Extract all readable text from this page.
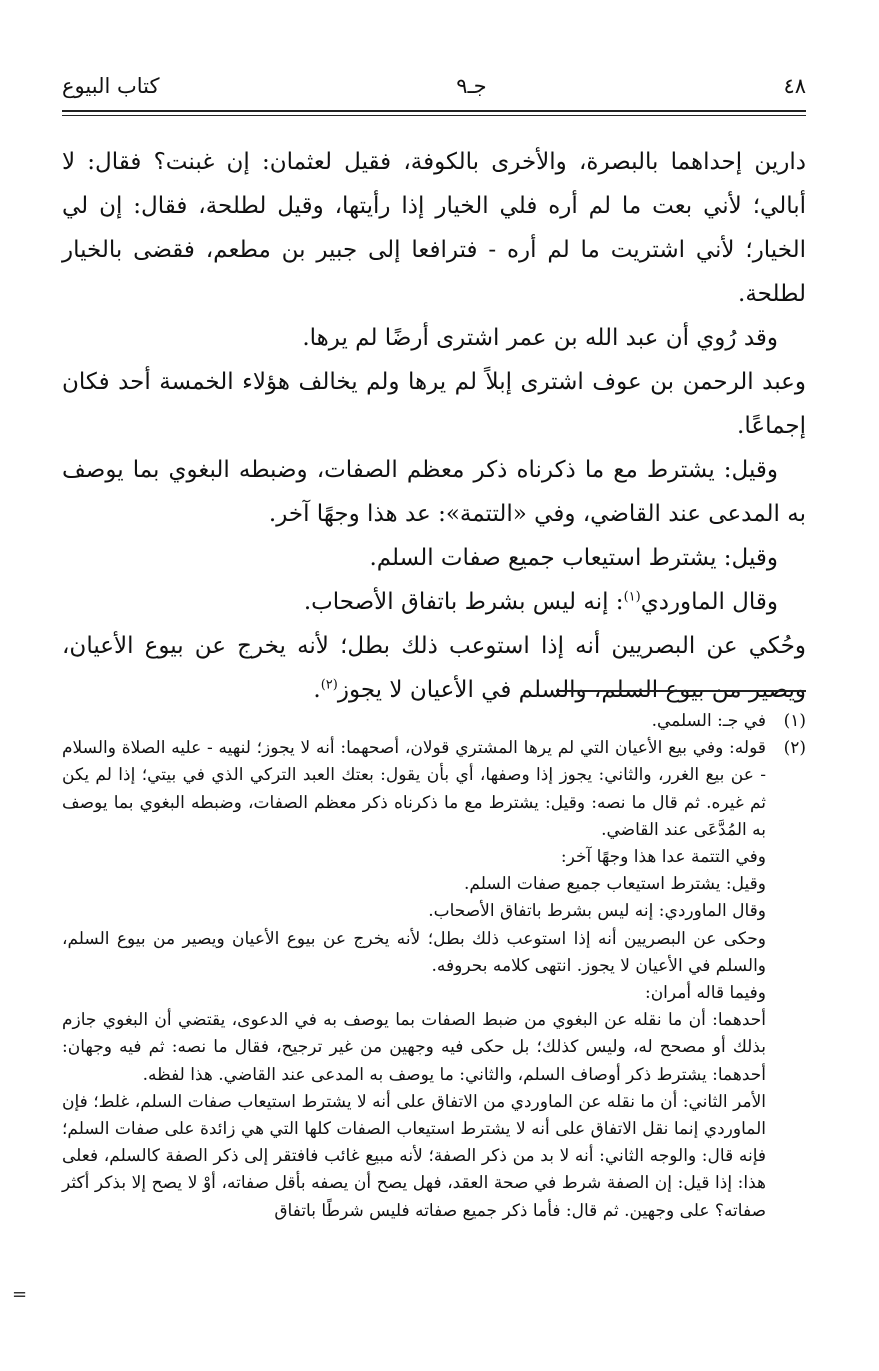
٤٨
جـ٩
كتاب البيوع

دارين إحداهما بالبصرة، والأخرى بالكوفة، فقيل لعثمان: إن غبنت؟ فقال: لا أبالي؛ لأني بعت ما لم أره فلي الخيار إذا رأيتها، وقيل لطلحة، فقال: إن لي الخيار؛ لأني اشتريت ما لم أره - فترافعا إلى جبير بن مطعم، فقضى بالخيار لطلحة.

وقد رُوي أن عبد الله بن عمر اشترى أرضًا لم يرها.

وعبد الرحمن بن عوف اشترى إبلاً لم يرها ولم يخالف هؤلاء الخمسة أحد فكان إجماعًا.

وقيل: يشترط مع ما ذكرناه ذكر معظم الصفات، وضبطه البغوي بما يوصف به المدعى عند القاضي، وفي «التتمة»: عد هذا وجهًا آخر.

وقيل: يشترط استيعاب جميع صفات السلم.

وقال الماوردي$^{(١)}$: إنه ليس بشرط باتفاق الأصحاب.

وحُكي عن البصريين أنه إذا استوعب ذلك بطل؛ لأنه يخرج عن بيوع الأعيان، ويصير من بيوع السلم، والسلم في الأعيان لا يجوز$^{(٢)}$.

(١)

في جـ: السلمي.

(٢)

قوله: وفي بيع الأعيان التي لم يرها المشتري قولان، أصحهما: أنه لا يجوز؛ لنهيه - عليه الصلاة والسلام - عن بيع الغرر، والثاني: يجوز إذا وصفها، أي بأن يقول: بعتك العبد التركي الذي في بيتي؛ إذا لم يكن ثم غيره. ثم قال ما نصه: وقيل: يشترط مع ما ذكرناه ذكر معظم الصفات، وضبطه البغوي بما يوصف به المُدَّعَى عند القاضي.

وفي التتمة عدا هذا وجهًا آخر:

وقيل: يشترط استيعاب جميع صفات السلم.

وقال الماوردي: إنه ليس بشرط باتفاق الأصحاب.

وحكى عن البصريين أنه إذا استوعب ذلك بطل؛ لأنه يخرج عن بيوع الأعيان ويصير من بيوع السلم، والسلم في الأعيان لا يجوز. انتهى كلامه بحروفه.

وفيما قاله أمران:

أحدهما: أن ما نقله عن البغوي من ضبط الصفات بما يوصف به في الدعوى، يقتضي أن البغوي جازم بذلك أو مصحح له، وليس كذلك؛ بل حكى فيه وجهين من غير ترجيح، فقال ما نصه: ثم فيه وجهان: أحدهما: يشترط ذكر أوصاف السلم، والثاني: ما يوصف به المدعى عند القاضي. هذا لفظه.

الأمر الثاني: أن ما نقله عن الماوردي من الاتفاق على أنه لا يشترط استيعاب صفات السلم، غلط؛ فإن الماوردي إنما نقل الاتفاق على أنه لا يشترط استيعاب الصفات كلها التي هي زائدة على صفات السلم؛ فإنه قال: والوجه الثاني: أنه لا بد من ذكر الصفة؛ لأنه مبيع غائب فافتقر إلى ذكر الصفة كالسلم، فعلى هذا: إذا قيل: إن الصفة شرط في صحة العقد، فهل يصح أن يصفه بأقل صفاته، أوْ لا يصح إلا بذكر أكثر صفاته؟ على وجهين. ثم قال: فأما ذكر جميع صفاته فليس شرطًا باتفاق

=
